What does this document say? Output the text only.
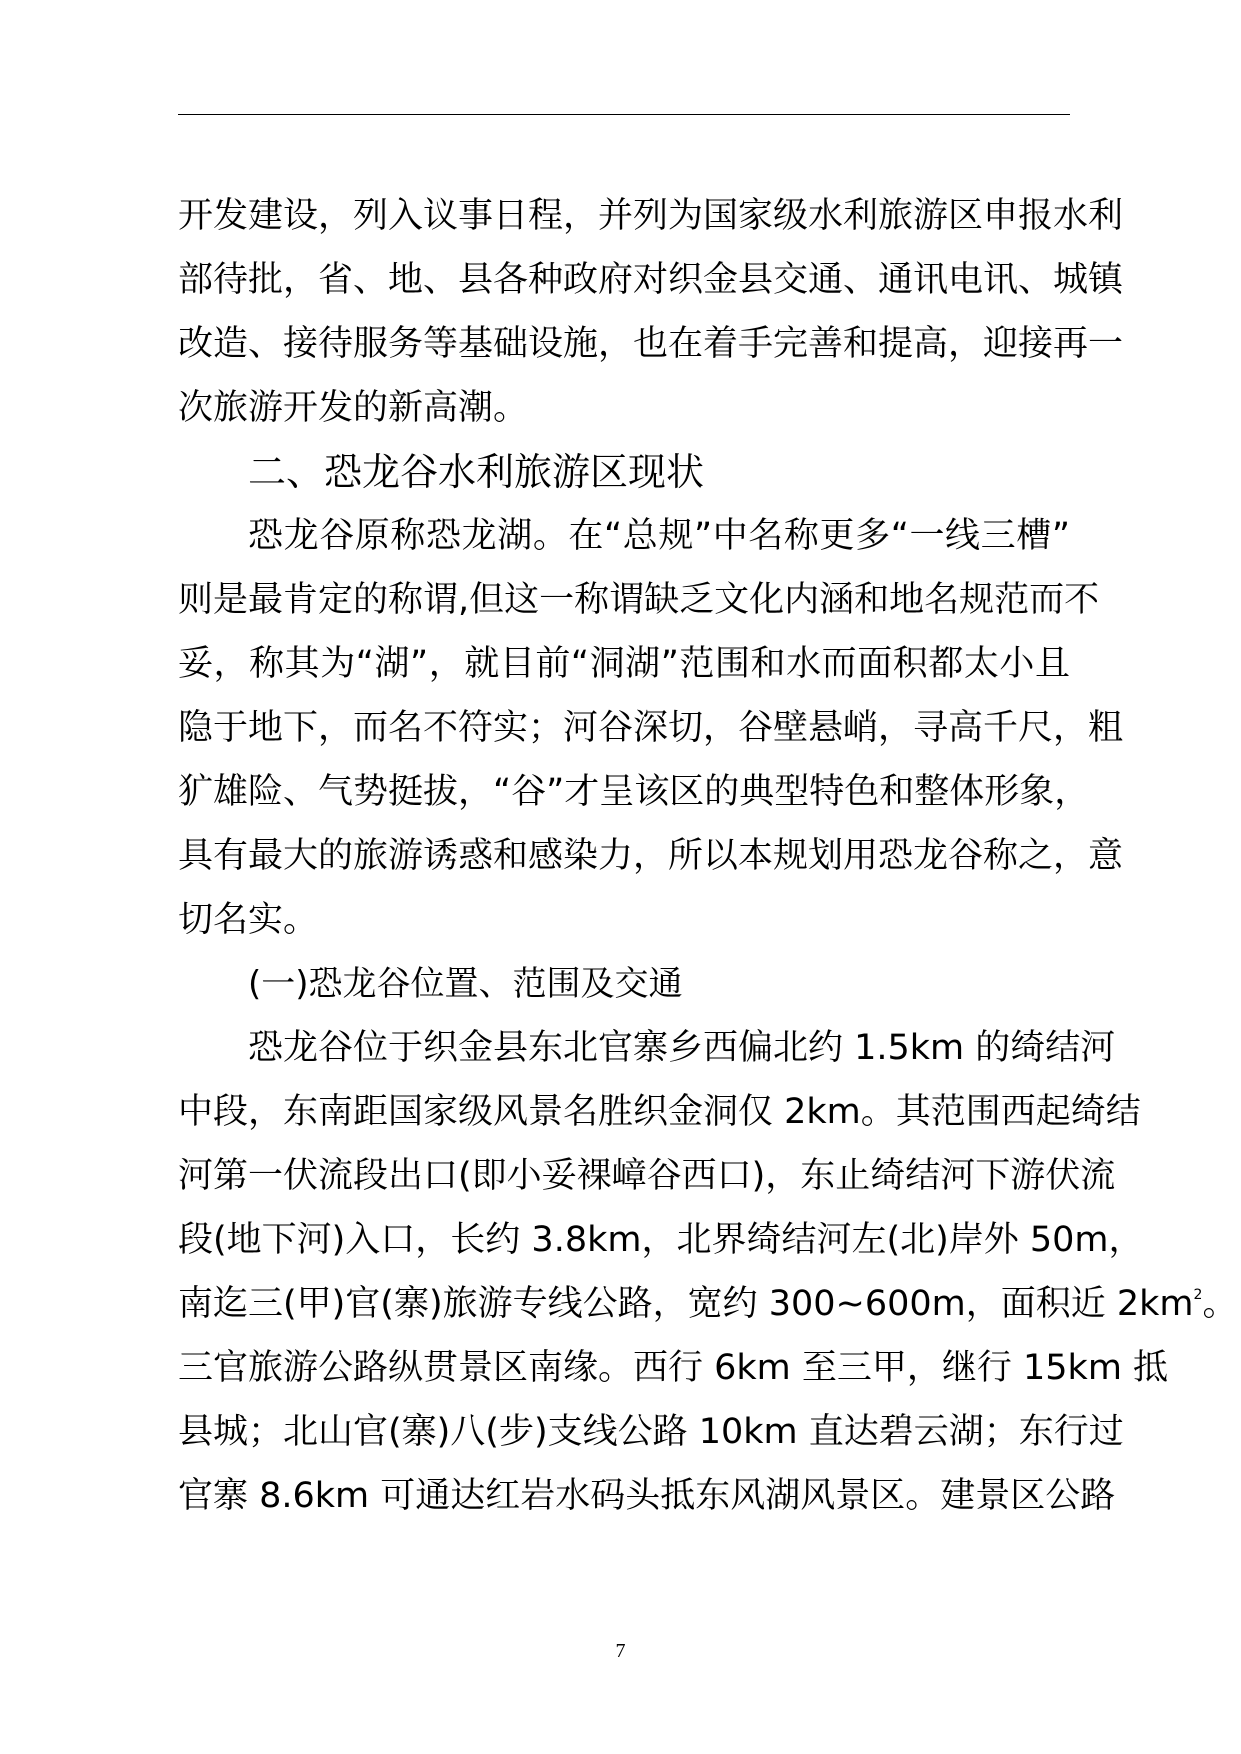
开发建设，列入议事日程，并列为国家级水利旅游区申报水利
部待批，省、地、县各种政府对织金县交通、通讯电讯、城镇
改造、接待服务等基础设施，也在着手完善和提高，迎接再一
次旅游开发的新高潮。
二、恐龙谷水利旅游区现状
恐龙谷原称恐龙湖。在“总规”中名称更多“一线三槽”
则是最肯定的称谓,但这一称谓缺乏文化内涵和地名规范而不
妥，称其为“湖”，就目前“洞湖”范围和水而面积都太小且
隐于地下，而名不符实；河谷深切，谷壁悬峭，寻高千尺，粗
犷雄险、气势挺拔，“谷”才呈该区的典型特色和整体形象，
具有最大的旅游诱惑和感染力，所以本规划用恐龙谷称之，意
切名实。
(一)恐龙谷位置、范围及交通
恐龙谷位于织金县东北官寨乡西偏北约 1.5km 的绮结河
中段，东南距国家级风景名胜织金洞仅 2km。其范围西起绮结
河第一伏流段出口(即小妥裸嶂谷西口)，东止绮结河下游伏流
段(地下河)入口，长约 3.8km，北界绮结河左(北)岸外 50m，
南迄三(甲)官(寨)旅游专线公路，宽约 300~600m，面积近 $2km^2$。
三官旅游公路纵贯景区南缘。西行 6km 至三甲，继行 15km 抵
县城；北山官(寨)八(步)支线公路 10km 直达碧云湖；东行过
官寨 8.6km 可通达红岩水码头抵东风湖风景区。建景区公路
7
